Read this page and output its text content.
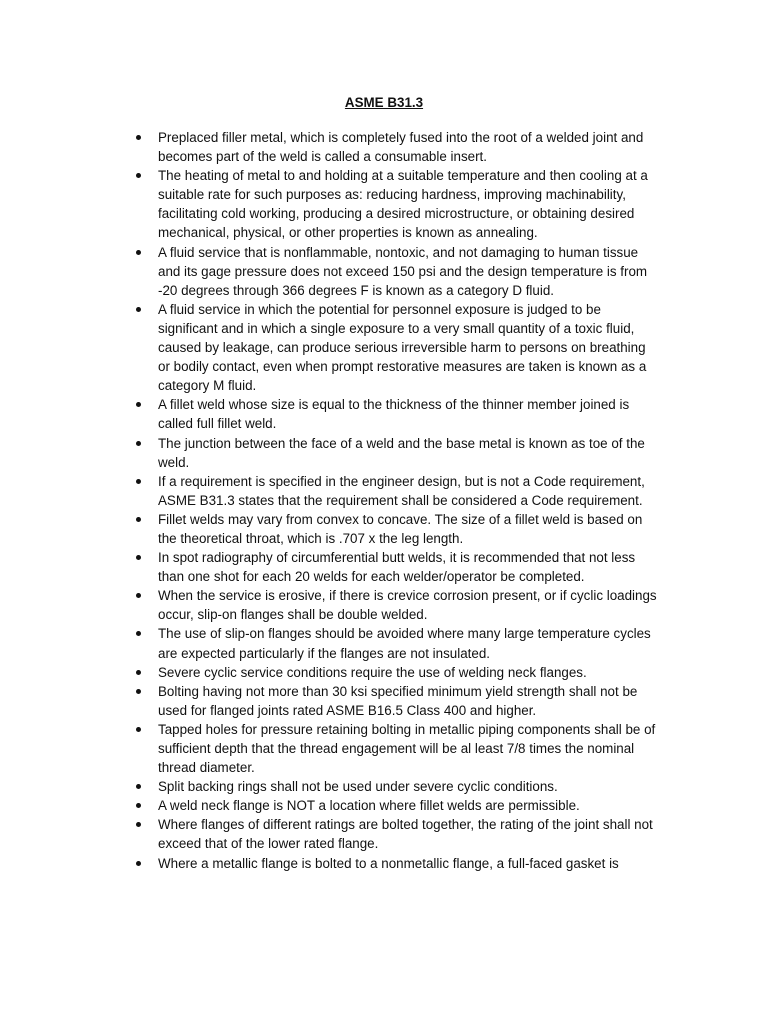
ASME B31.3
Preplaced filler metal, which is completely fused into the root of a welded joint and becomes part of the weld is called a consumable insert.
The heating of metal to and holding at a suitable temperature and then cooling at a suitable rate for such purposes as: reducing hardness, improving machinability, facilitating cold working, producing a desired microstructure, or obtaining desired mechanical, physical, or other properties is known as annealing.
A fluid service that is nonflammable, nontoxic, and not damaging to human tissue and its gage pressure does not exceed 150 psi and the design temperature is from -20 degrees through 366 degrees F is known as a category D fluid.
A fluid service in which the potential for personnel exposure is judged to be significant and in which a single exposure to a very small quantity of a toxic fluid, caused by leakage, can produce serious irreversible harm to persons on breathing or bodily contact, even when prompt restorative measures are taken is known as a category M fluid.
A fillet weld whose size is equal to the thickness of the thinner member joined is called full fillet weld.
The junction between the face of a weld and the base metal is known as toe of the weld.
If a requirement is specified in the engineer design, but is not a Code requirement, ASME B31.3 states that the requirement shall be considered a Code requirement.
Fillet welds may vary from convex to concave. The size of a fillet weld is based on the theoretical throat, which is .707 x the leg length.
In spot radiography of circumferential butt welds, it is recommended that not less than one shot for each 20 welds for each welder/operator be completed.
When the service is erosive, if there is crevice corrosion present, or if cyclic loadings occur, slip-on flanges shall be double welded.
The use of slip-on flanges should be avoided where many large temperature cycles are expected particularly if the flanges are not insulated.
Severe cyclic service conditions require the use of welding neck flanges.
Bolting having not more than 30 ksi specified minimum yield strength shall not be used for flanged joints rated ASME B16.5 Class 400 and higher.
Tapped holes for pressure retaining bolting in metallic piping components shall be of sufficient depth that the thread engagement will be al least 7/8 times the nominal thread diameter.
Split backing rings shall not be used under severe cyclic conditions.
A weld neck flange is NOT a location where fillet welds are permissible.
Where flanges of different ratings are bolted together, the rating of the joint shall not exceed that of the lower rated flange.
Where a metallic flange is bolted to a nonmetallic flange, a full-faced gasket is
